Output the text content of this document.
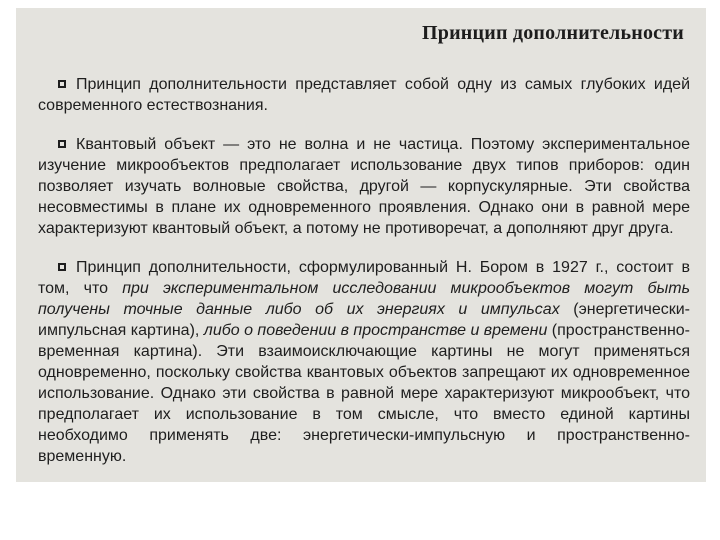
Принцип дополнительности

Принцип дополнительности представляет собой одну из самых глубоких идей современного естествознания.

Квантовый объект — это не волна и не частица. Поэтому экспериментальное изучение микрообъектов предполагает использование двух типов приборов: один позволяет изучать волновые свойства, другой — корпускулярные. Эти свойства несовместимы в плане их одновременного проявления. Однако они в равной мере характеризуют квантовый объект, а потому не противоречат, а дополняют друг друга.

Принцип дополнительности, сформулированный Н. Бором в 1927 г., состоит в том, что при экспериментальном исследовании микрообъектов могут быть получены точные данные либо об их энергиях и импульсах (энергетически-импульсная картина), либо о поведении в пространстве и времени (пространственно-временная картина). Эти взаимоисключающие картины не могут применяться одновременно, поскольку свойства квантовых объектов запрещают их одновременное использование. Однако эти свойства в равной мере характеризуют микрообъект, что предполагает их использование в том смысле, что вместо единой картины необходимо применять две: энергетически-импульсную и пространственно-временную.
